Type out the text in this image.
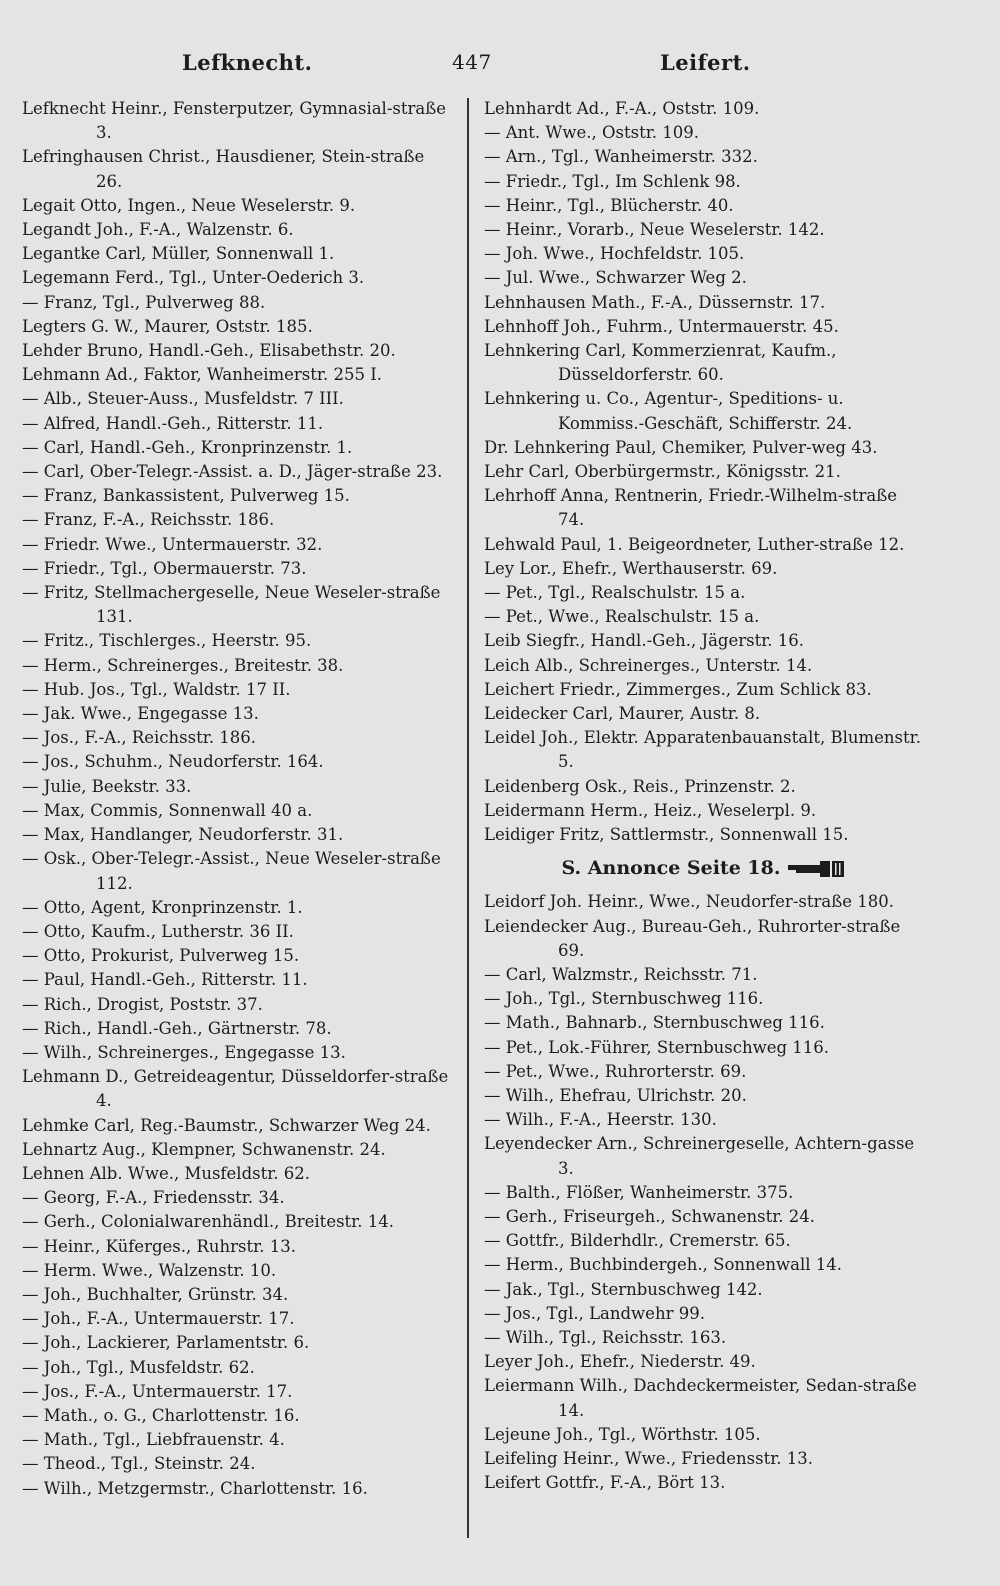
Lefknecht.	447	Leifert.
Lefknecht Heinr., Fensterputzer, Gymnasial-straße 3.
Lefringhausen Christ., Hausdiener, Stein-straße 26.
Legait Otto, Ingen., Neue Weselerstr. 9.
Legandt Joh., F.-A., Walzenstr. 6.
Legantke Carl, Müller, Sonnenwall 1.
Legemann Ferd., Tgl., Unter-Oederich 3.
— Franz, Tgl., Pulverweg 88.
Legters G. W., Maurer, Oststr. 185.
Lehder Bruno, Handl.-Geh., Elisabethstr. 20.
Lehmann Ad., Faktor, Wanheimerstr. 255 I.
— Alb., Steuer-Auss., Musfeldstr. 7 III.
— Alfred, Handl.-Geh., Ritterstr. 11.
— Carl, Handl.-Geh., Kronprinzenstr. 1.
— Carl, Ober-Telegr.-Assist. a. D., Jäger-straße 23.
— Franz, Bankassistent, Pulverweg 15.
— Franz, F.-A., Reichsstr. 186.
— Friedr. Wwe., Untermauerstr. 32.
— Friedr., Tgl., Obermauerstr. 73.
— Fritz, Stellmachergeselle, Neue Weseler-straße 131.
— Fritz., Tischlerges., Heerstr. 95.
— Herm., Schreinerges., Breitestr. 38.
— Hub. Jos., Tgl., Waldstr. 17 II.
— Jak. Wwe., Engegasse 13.
— Jos., F.-A., Reichsstr. 186.
— Jos., Schuhm., Neudorferstr. 164.
— Julie, Beekstr. 33.
— Max, Commis, Sonnenwall 40 a.
— Max, Handlanger, Neudorferstr. 31.
— Osk., Ober-Telegr.-Assist., Neue Weseler-straße 112.
— Otto, Agent, Kronprinzenstr. 1.
— Otto, Kaufm., Lutherstr. 36 II.
— Otto, Prokurist, Pulverweg 15.
— Paul, Handl.-Geh., Ritterstr. 11.
— Rich., Drogist, Poststr. 37.
— Rich., Handl.-Geh., Gärtnerstr. 78.
— Wilh., Schreinerges., Engegasse 13.
Lehmann D., Getreideagentur, Düsseldorfer-straße 4.
Lehmke Carl, Reg.-Baumstr., Schwarzer Weg 24.
Lehnartz Aug., Klempner, Schwanenstr. 24.
Lehnen Alb. Wwe., Musfeldstr. 62.
— Georg, F.-A., Friedensstr. 34.
— Gerh., Colonialwarenhändl., Breitestr. 14.
— Heinr., Küferges., Ruhrstr. 13.
— Herm. Wwe., Walzenstr. 10.
— Joh., Buchhalter, Grünstr. 34.
— Joh., F.-A., Untermauerstr. 17.
— Joh., Lackierer, Parlamentstr. 6.
— Joh., Tgl., Musfeldstr. 62.
— Jos., F.-A., Untermauerstr. 17.
— Math., o. G., Charlottenstr. 16.
— Math., Tgl., Liebfrauenstr. 4.
— Theod., Tgl., Steinstr. 24.
— Wilh., Metzgermstr., Charlottenstr. 16.
Lehnhardt Ad., F.-A., Oststr. 109.
— Ant. Wwe., Oststr. 109.
— Arn., Tgl., Wanheimerstr. 332.
— Friedr., Tgl., Im Schlenk 98.
— Heinr., Tgl., Blücherstr. 40.
— Heinr., Vorarb., Neue Weselerstr. 142.
— Joh. Wwe., Hochfeldstr. 105.
— Jul. Wwe., Schwarzer Weg 2.
Lehnhausen Math., F.-A., Düssernstr. 17.
Lehnhoff Joh., Fuhrm., Untermauerstr. 45.
Lehnkering Carl, Kommerzienrat, Kaufm., Düsseldorferstr. 60.
Lehnkering u. Co., Agentur-, Speditions- u. Kommiss.-Geschäft, Schifferstr. 24.
Dr. Lehnkering Paul, Chemiker, Pulver-weg 43.
Lehr Carl, Oberbürgermstr., Königsstr. 21.
Lehrhoff Anna, Rentnerin, Friedr.-Wilhelm-straße 74.
Lehwald Paul, 1. Beigeordneter, Luther-straße 12.
Ley Lor., Ehefr., Werthauserstr. 69.
— Pet., Tgl., Realschulstr. 15 a.
— Pet., Wwe., Realschulstr. 15 a.
Leib Siegfr., Handl.-Geh., Jägerstr. 16.
Leich Alb., Schreinerges., Unterstr. 14.
Leichert Friedr., Zimmerges., Zum Schlick 83.
Leidecker Carl, Maurer, Austr. 8.
Leidel Joh., Elektr. Apparatenbauanstalt, Blumenstr. 5.
Leidenberg Osk., Reis., Prinzenstr. 2.
Leidermann Herm., Heiz., Weselerpl. 9.
Leidiger Fritz, Sattlermstr., Sonnenwall 15.
S. Annonce Seite 18.
Leidorf Joh. Heinr., Wwe., Neudorfer-straße 180.
Leiendecker Aug., Bureau-Geh., Ruhrorter-straße 69.
— Carl, Walzmstr., Reichsstr. 71.
— Joh., Tgl., Sternbuschweg 116.
— Math., Bahnarb., Sternbuschweg 116.
— Pet., Lok.-Führer, Sternbuschweg 116.
— Pet., Wwe., Ruhrorterstr. 69.
— Wilh., Ehefrau, Ulrichstr. 20.
— Wilh., F.-A., Heerstr. 130.
Leyendecker Arn., Schreinergeselle, Achtern-gasse 3.
— Balth., Flößer, Wanheimerstr. 375.
— Gerh., Friseurgeh., Schwanenstr. 24.
— Gottfr., Bilderhdlr., Cremerstr. 65.
— Herm., Buchbindergeh., Sonnenwall 14.
— Jak., Tgl., Sternbuschweg 142.
— Jos., Tgl., Landwehr 99.
— Wilh., Tgl., Reichsstr. 163.
Leyer Joh., Ehefr., Niederstr. 49.
Leiermann Wilh., Dachdeckermeister, Sedan-straße 14.
Lejeune Joh., Tgl., Wörthstr. 105.
Leifeling Heinr., Wwe., Friedensstr. 13.
Leifert Gottfr., F.-A., Bört 13.
